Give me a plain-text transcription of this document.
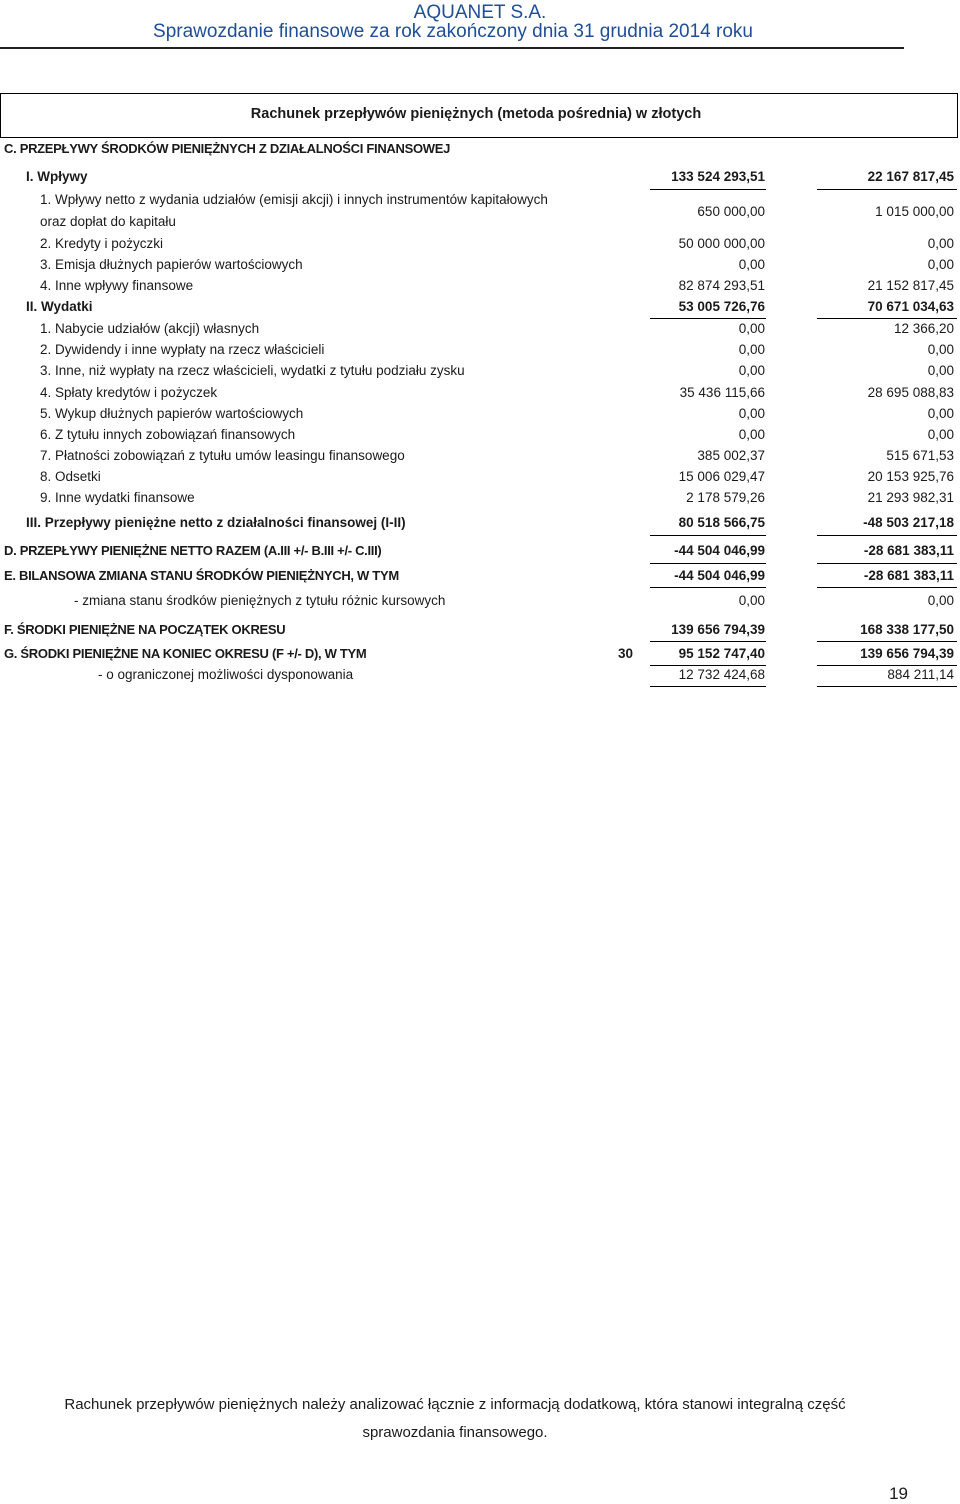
AQUANET S.A.
Sprawozdanie finansowe za rok zakończony dnia 31 grudnia 2014 roku
Rachunek przepływów pieniężnych (metoda pośrednia) w złotych
C. PRZEPŁYWY ŚRODKÓW PIENIĘŻNYCH Z DZIAŁALNOŚCI FINANSOWEJ
I. Wpływy	133 524 293,51	22 167 817,45
1. Wpływy netto z wydania udziałów (emisji akcji) i innych instrumentów kapitałowych
oraz dopłat do kapitału
650 000,00	1 015 000,00
2. Kredyty i pożyczki	50 000 000,00	0,00
3. Emisja dłużnych papierów wartościowych	0,00	0,00
4. Inne wpływy finansowe	82 874 293,51	21 152 817,45
II. Wydatki	53 005 726,76	70 671 034,63
1. Nabycie udziałów (akcji) własnych	0,00	12 366,20
2. Dywidendy i inne wypłaty na rzecz właścicieli	0,00	0,00
3. Inne, niż wypłaty na rzecz właścicieli, wydatki z tytułu podziału zysku	0,00	0,00
4. Spłaty kredytów i pożyczek	35 436 115,66	28 695 088,83
5. Wykup dłużnych papierów wartościowych	0,00	0,00
6. Z tytułu innych zobowiązań finansowych	0,00	0,00
7. Płatności zobowiązań z tytułu umów leasingu finansowego	385 002,37	515 671,53
8. Odsetki	15 006 029,47	20 153 925,76
9. Inne wydatki finansowe	2 178 579,26	21 293 982,31
III. Przepływy pieniężne netto z działalności finansowej (I-II)	80 518 566,75	-48 503 217,18
D. PRZEPŁYWY PIENIĘŻNE NETTO RAZEM (A.III +/- B.III +/- C.III)	-44 504 046,99	-28 681 383,11
E. BILANSOWA ZMIANA STANU ŚRODKÓW PIENIĘŻNYCH, W TYM	-44 504 046,99	-28 681 383,11
- zmiana stanu środków pieniężnych z tytułu różnic kursowych	0,00	0,00
F. ŚRODKI PIENIĘŻNE NA POCZĄTEK OKRESU	139 656 794,39	168 338 177,50
G. ŚRODKI PIENIĘŻNE NA KONIEC OKRESU (F +/- D), W TYM	30	95 152 747,40	139 656 794,39
- o ograniczonej możliwości dysponowania	12 732 424,68	884 211,14
Rachunek przepływów pieniężnych należy analizować łącznie z informacją dodatkową, która stanowi integralną część
sprawozdania finansowego.
19
